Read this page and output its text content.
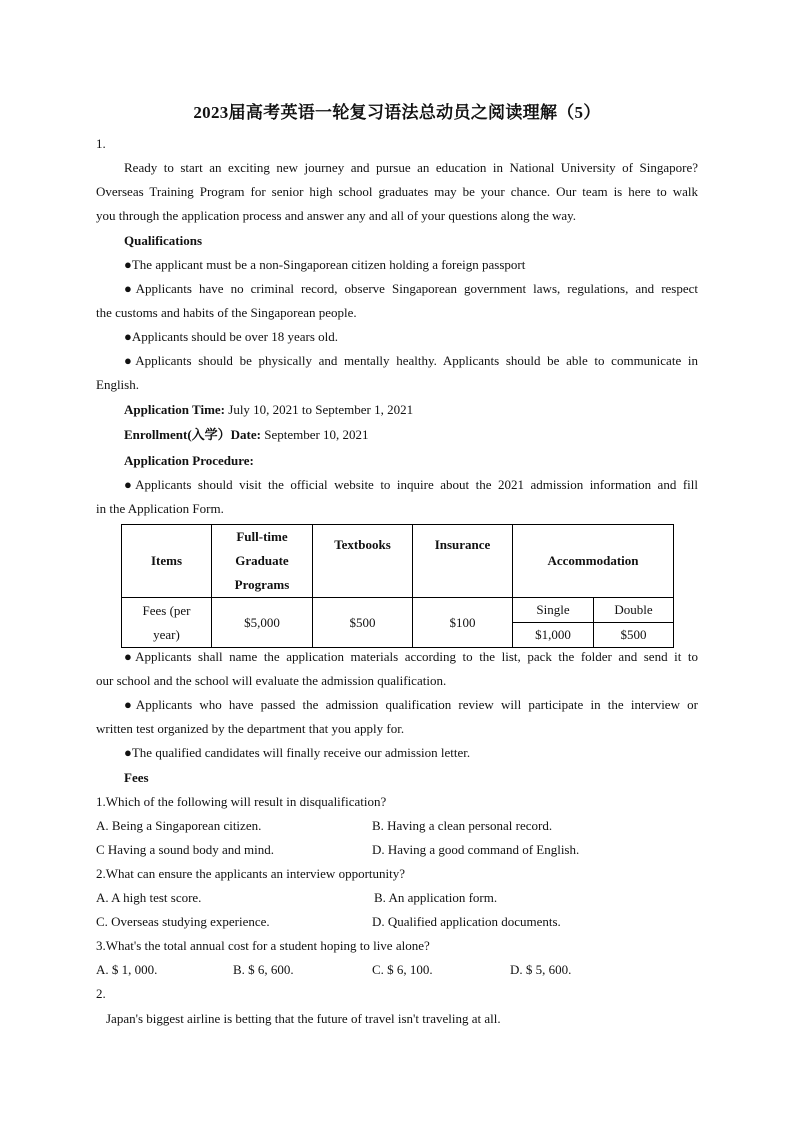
2023届高考英语一轮复习语法总动员之阅读理解（5）
1.
Ready to start an exciting new journey and pursue an education in National University of Singapore?
Overseas Training Program for senior high school graduates may be your chance. Our team is here to walk
you through the application process and answer any and all of your questions along the way.
Qualifications
●The applicant must be a non-Singaporean citizen holding a foreign passport
●Applicants have no criminal record, observe Singaporean government laws, regulations, and respect
the customs and habits of the Singaporean people.
●Applicants should be over 18 years old.
●Applicants should be physically and mentally healthy. Applicants should be able to communicate in
English.
Application Time: July 10, 2021 to September 1, 2021
Enrollment(入学）Date: September 10, 2021
Application Procedure:
●Applicants should visit the official website to inquire about the 2021 admission information and fill
in the Application Form.
Items	Full-time
Graduate
Programs	Textbooks	Insurance	Accommodation	

Fees (per
year)	$5,000	$500	$100	Single	Double
				$1,000	$500
●Applicants shall name the application materials according to the list, pack the folder and send it to
our school and the school will evaluate the admission qualification.
●Applicants who have passed the admission qualification review will participate in the interview or
written test organized by the department that you apply for.
●The qualified candidates will finally receive our admission letter.
Fees
1.Which of the following will result in disqualification?
A. Being a Singaporean citizen.	B. Having a clean personal record.
C Having a sound body and mind.	D. Having a good command of English.
2.What can ensure the applicants an interview opportunity?
A. A high test score.	B. An application form.
C. Overseas studying experience.	D. Qualified application documents.
3.What's the total annual cost for a student hoping to live alone?
A. $ 1, 000.	B. $ 6, 600.	C. $ 6, 100.	D. $ 5, 600.
2.
Japan's biggest airline is betting that the future of travel isn't traveling at all.
